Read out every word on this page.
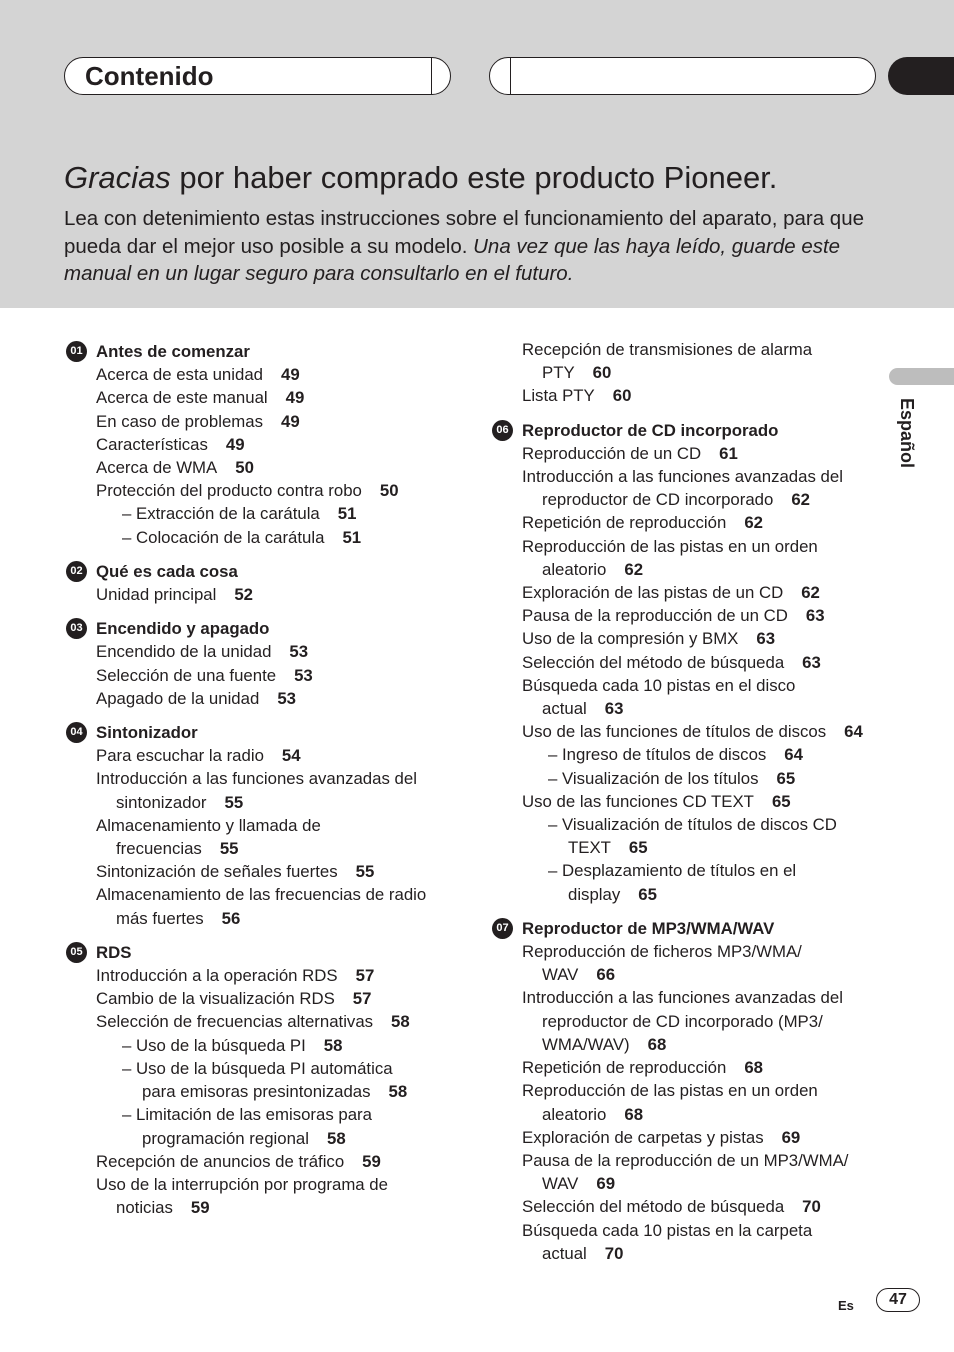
Contenido
Gracias por haber comprado este producto Pioneer.
Lea con detenimiento estas instrucciones sobre el funcionamiento del aparato, para que pueda dar el mejor uso posible a su modelo. Una vez que las haya leído, guarde este manual en un lugar seguro para consultarlo en el futuro.
Español
01 Antes de comenzar
Acerca de esta unidad 49
Acerca de este manual 49
En caso de problemas 49
Características 49
Acerca de WMA 50
Protección del producto contra robo 50
– Extracción de la carátula 51
– Colocación de la carátula 51
02 Qué es cada cosa
Unidad principal 52
03 Encendido y apagado
Encendido de la unidad 53
Selección de una fuente 53
Apagado de la unidad 53
04 Sintonizador
Para escuchar la radio 54
Introducción a las funciones avanzadas del
sintonizador 55
Almacenamiento y llamada de
frecuencias 55
Sintonización de señales fuertes 55
Almacenamiento de las frecuencias de radio
más fuertes 56
05 RDS
Introducción a la operación RDS 57
Cambio de la visualización RDS 57
Selección de frecuencias alternativas 58
– Uso de la búsqueda PI 58
– Uso de la búsqueda PI automática
para emisoras presintonizadas 58
– Limitación de las emisoras para
programación regional 58
Recepción de anuncios de tráfico 59
Uso de la interrupción por programa de
noticias 59
Recepción de transmisiones de alarma
PTY 60
Lista PTY 60
06 Reproductor de CD incorporado
Reproducción de un CD 61
Introducción a las funciones avanzadas del
reproductor de CD incorporado 62
Repetición de reproducción 62
Reproducción de las pistas en un orden
aleatorio 62
Exploración de las pistas de un CD 62
Pausa de la reproducción de un CD 63
Uso de la compresión y BMX 63
Selección del método de búsqueda 63
Búsqueda cada 10 pistas en el disco
actual 63
Uso de las funciones de títulos de discos 64
– Ingreso de títulos de discos 64
– Visualización de los títulos 65
Uso de las funciones CD TEXT 65
– Visualización de títulos de discos CD
TEXT 65
– Desplazamiento de títulos en el
display 65
07 Reproductor de MP3/WMA/WAV
Reproducción de ficheros MP3/WMA/
WAV 66
Introducción a las funciones avanzadas del
reproductor de CD incorporado (MP3/
WMA/WAV) 68
Repetición de reproducción 68
Reproducción de las pistas en un orden
aleatorio 68
Exploración de carpetas y pistas 69
Pausa de la reproducción de un MP3/WMA/
WAV 69
Selección del método de búsqueda 70
Búsqueda cada 10 pistas en la carpeta
actual 70
Es	47
